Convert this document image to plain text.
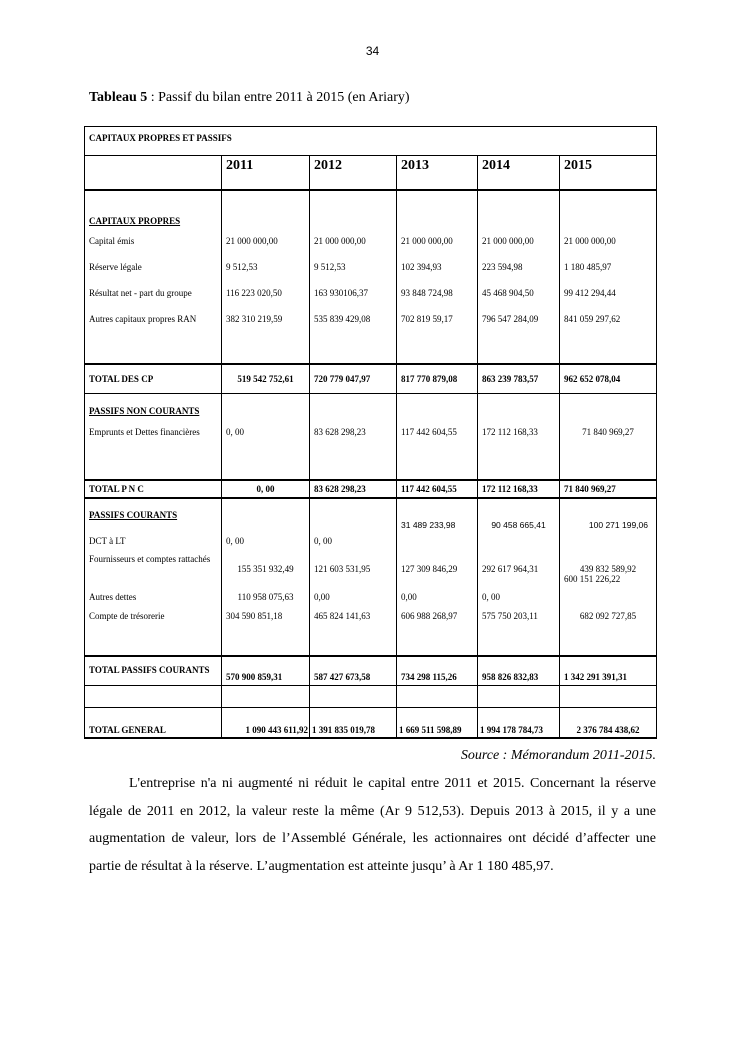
34
Tableau 5 : Passif du bilan entre 2011 à 2015 (en Ariary)
CAPITAUX PROPRES ET PASSIFS					
	2011	2012	2013	2014	2015
CAPITAUX PROPRES					
Capital émis	21 000 000,00	21 000 000,00	21 000 000,00	21 000 000,00	21 000 000,00
Réserve légale	9 512,53	9 512,53	102 394,93	223 594,98	1 180 485,97
Résultat net - part du groupe	116 223 020,50	163 930106,37	93 848 724,98	45 468 904,50	99 412 294,44
Autres capitaux propres RAN	382 310 219,59	535 839 429,08	702 819 59,17	796 547 284,09	841 059 297,62

TOTAL DES CP	519 542 752,61	720 779 047,97	817 770 879,08	863 239 783,57	962 652 078,04
PASSIFS NON COURANTS					
Emprunts et Dettes financières	0, 00	83 628 298,23	117 442 604,55	172 112 168,33	71 840 969,27

TOTAL P N C	0, 00	83 628 298,23	117 442 604,55	172 112 168,33	71 840 969,27
PASSIFS COURANTS					
DCT à LT	0, 00	0, 00	31 489 233,98	90 458 665,41	100 271 199,06
Fournisseurs et comptes rattachés	155 351 932,49	121 603 531,95	127 309 846,29	292 617 964,31	439 832 589,92
Autres dettes	110 958 075,63	0,00	0,00	0, 00	600 151 226,22
Compte de trésorerie	304 590 851,18	465 824 141,63	606 988 268,97	575 750 203,11	682 092 727,85

TOTAL PASSIFS COURANTS	570 900 859,31	587 427 673,58	734 298 115,26	958 826 832,83	1 342 291 391,31

TOTAL GENERAL	1 090 443 611,92	1 391 835 019,78	1 669 511 598,89	1 994 178 784,73	2 376 784 438,62
Source : Mémorandum 2011-2015.

L'entreprise n'a ni augmenté ni réduit le capital entre 2011 et 2015. Concernant la réserve légale de 2011 en 2012, la valeur reste la même (Ar 9 512,53). Depuis 2013 à 2015, il y a une augmentation de valeur, lors de l’Assemblé Générale, les actionnaires ont décidé d’affecter une partie de résultat à la réserve. L’augmentation est atteinte jusqu’ à Ar 1 180 485,97.
